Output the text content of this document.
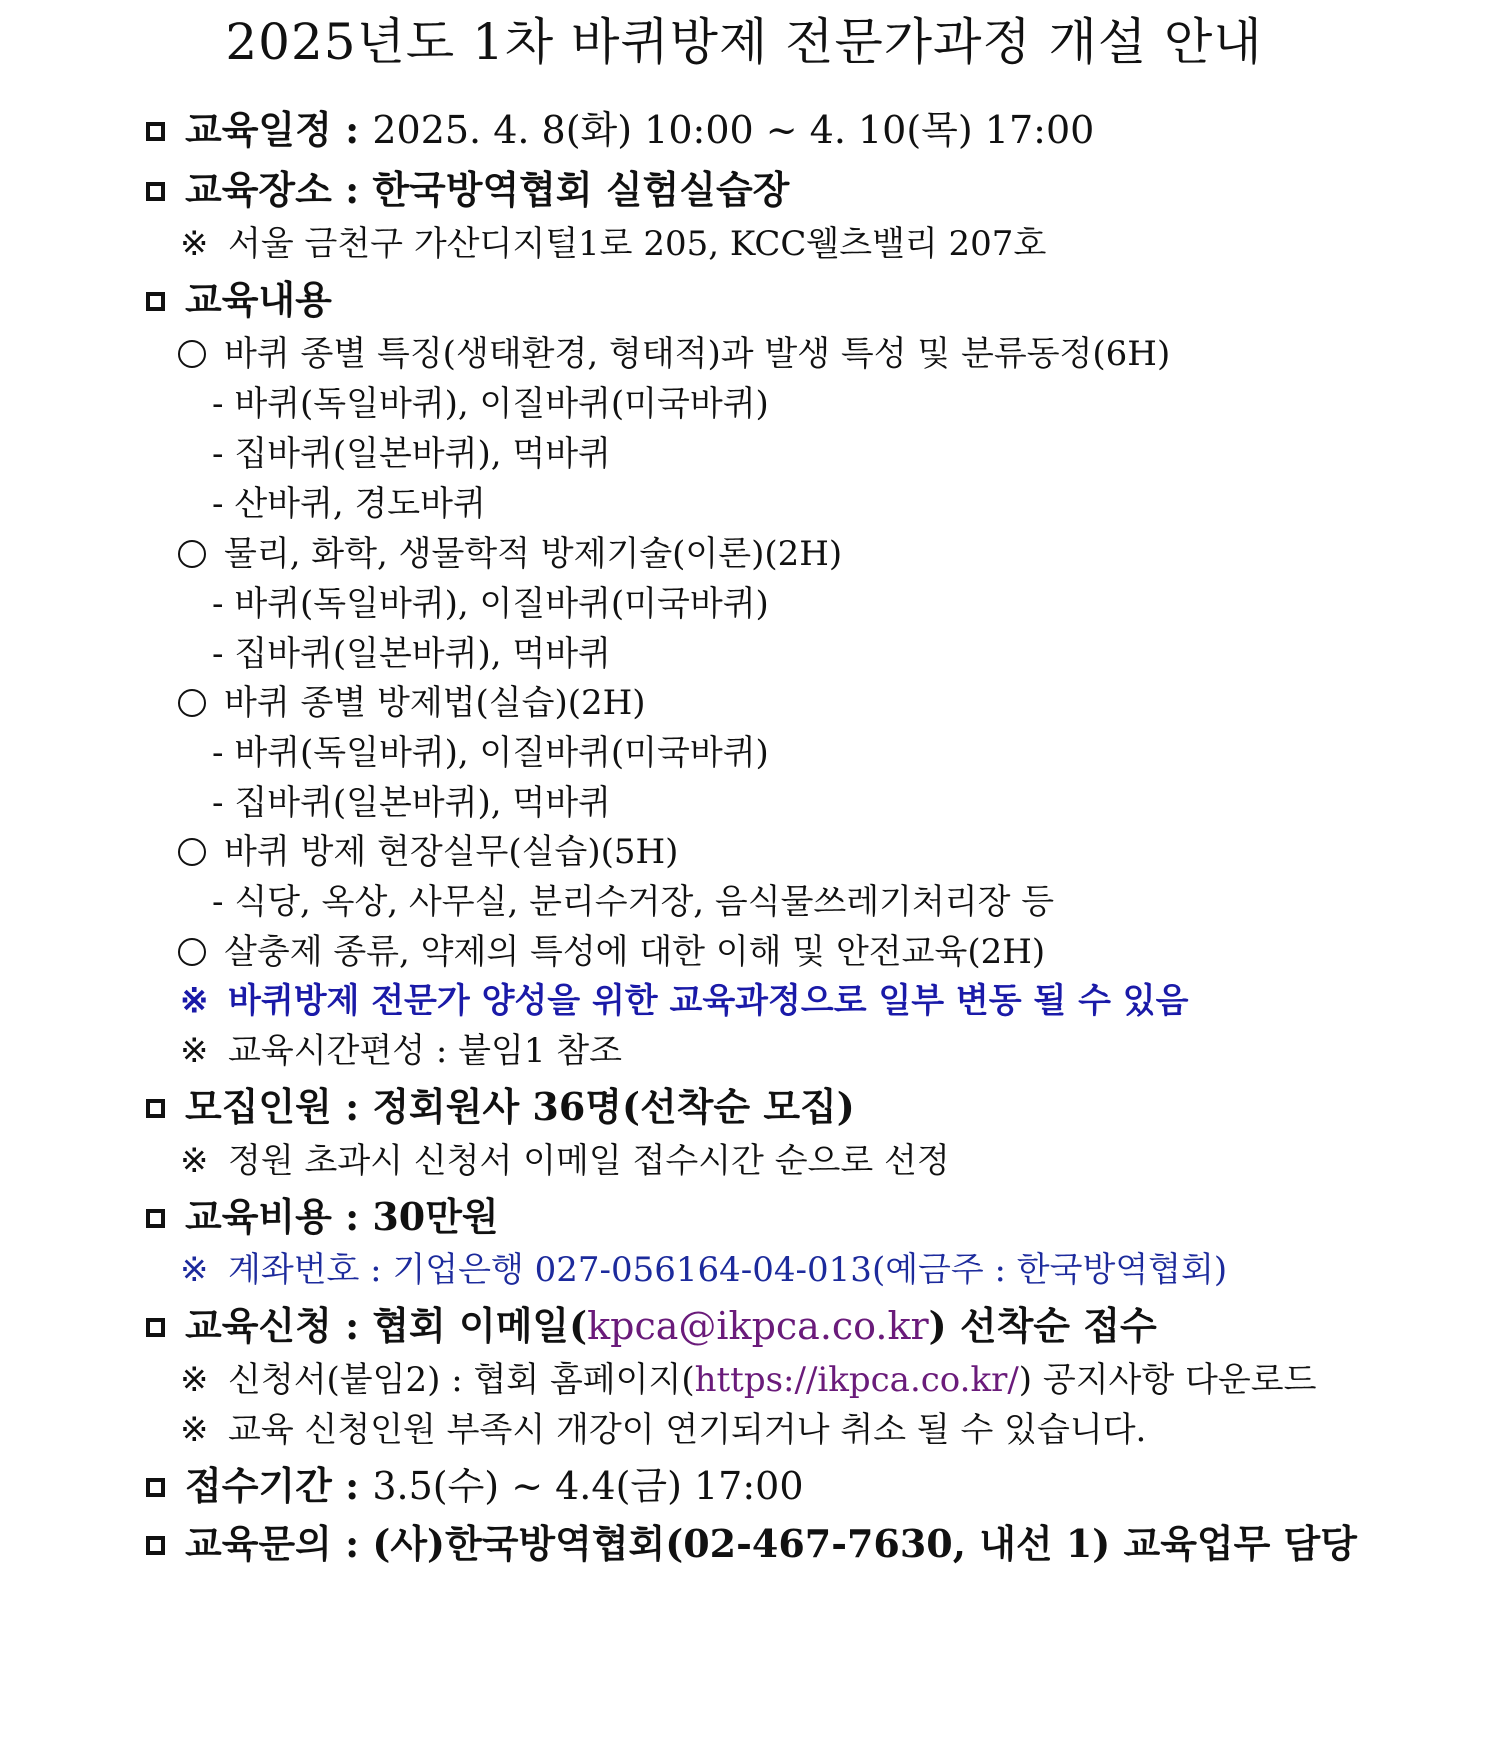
2025년도 1차 바퀴방제 전문가과정 개설 안내
교육일정 : 2025. 4. 8(화) 10:00 ~ 4. 10(목) 17:00
교육장소 : 한국방역협회 실험실습장
※ 서울 금천구 가산디지털1로 205, KCC웰츠밸리 207호
교육내용
바퀴 종별 특징(생태환경, 형태적)과 발생 특성 및 분류동정(6H)
- 바퀴(독일바퀴), 이질바퀴(미국바퀴)
- 집바퀴(일본바퀴), 먹바퀴
- 산바퀴, 경도바퀴
물리, 화학, 생물학적 방제기술(이론)(2H)
- 바퀴(독일바퀴), 이질바퀴(미국바퀴)
- 집바퀴(일본바퀴), 먹바퀴
바퀴 종별 방제법(실습)(2H)
- 바퀴(독일바퀴), 이질바퀴(미국바퀴)
- 집바퀴(일본바퀴), 먹바퀴
바퀴 방제 현장실무(실습)(5H)
- 식당, 옥상, 사무실, 분리수거장, 음식물쓰레기처리장 등
살충제 종류, 약제의 특성에 대한 이해 및 안전교육(2H)
※ 바퀴방제 전문가 양성을 위한 교육과정으로 일부 변동 될 수 있음
※ 교육시간편성 : 붙임1 참조
모집인원 : 정회원사 36명(선착순 모집)
※ 정원 초과시 신청서 이메일 접수시간 순으로 선정
교육비용 : 30만원
※ 계좌번호 : 기업은행 027-056164-04-013(예금주 : 한국방역협회)
교육신청 : 협회 이메일(kpca@ikpca.co.kr) 선착순 접수
※ 신청서(붙임2) : 협회 홈페이지(https://ikpca.co.kr/) 공지사항 다운로드
※ 교육 신청인원 부족시 개강이 연기되거나 취소 될 수 있습니다.
접수기간 : 3.5(수) ~ 4.4(금) 17:00
교육문의 : (사)한국방역협회(02-467-7630, 내선 1) 교육업무 담당
